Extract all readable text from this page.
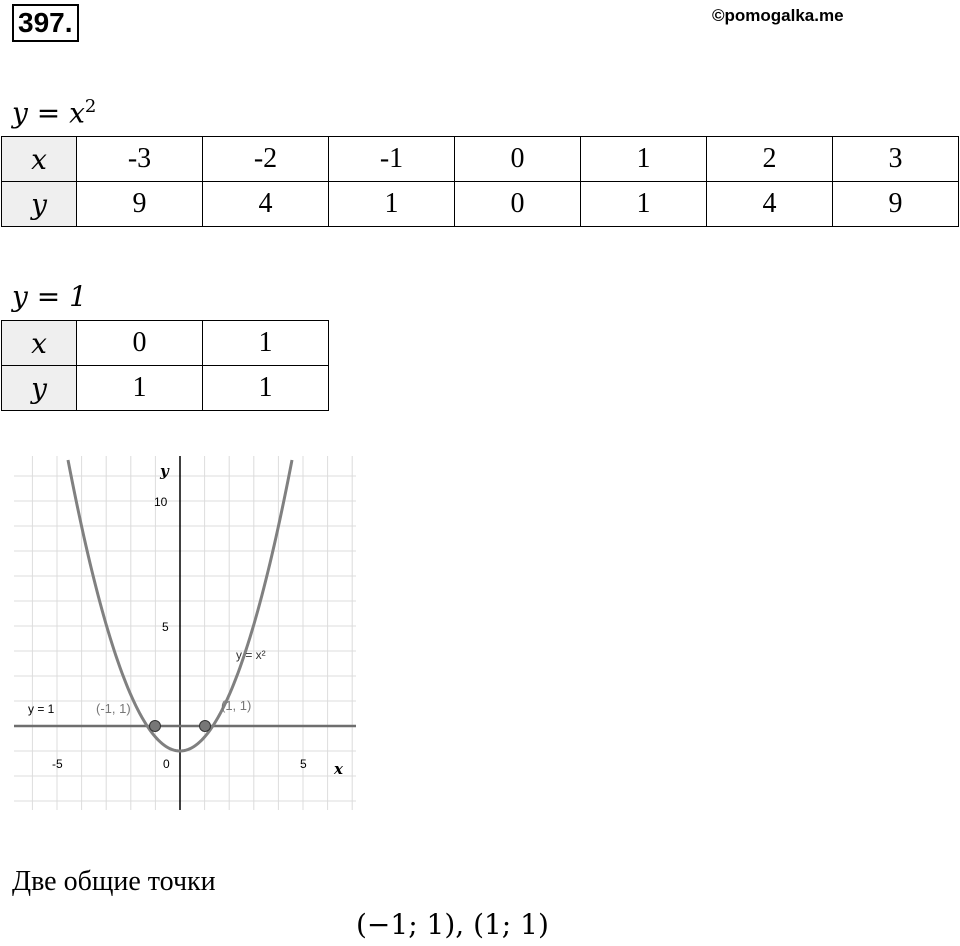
397.	©pomogalka.me
$y = x^2$
x	-3	-2	-1	0	1	2	3
y	9	4	1	0	1	4	9
y = 1
x	0	1
y	1	1
y
x
10
5
-5	0	5
y = x²
y = 1	(-1, 1)	(1, 1)
Две общие точки
(−1; 1), (1; 1)
